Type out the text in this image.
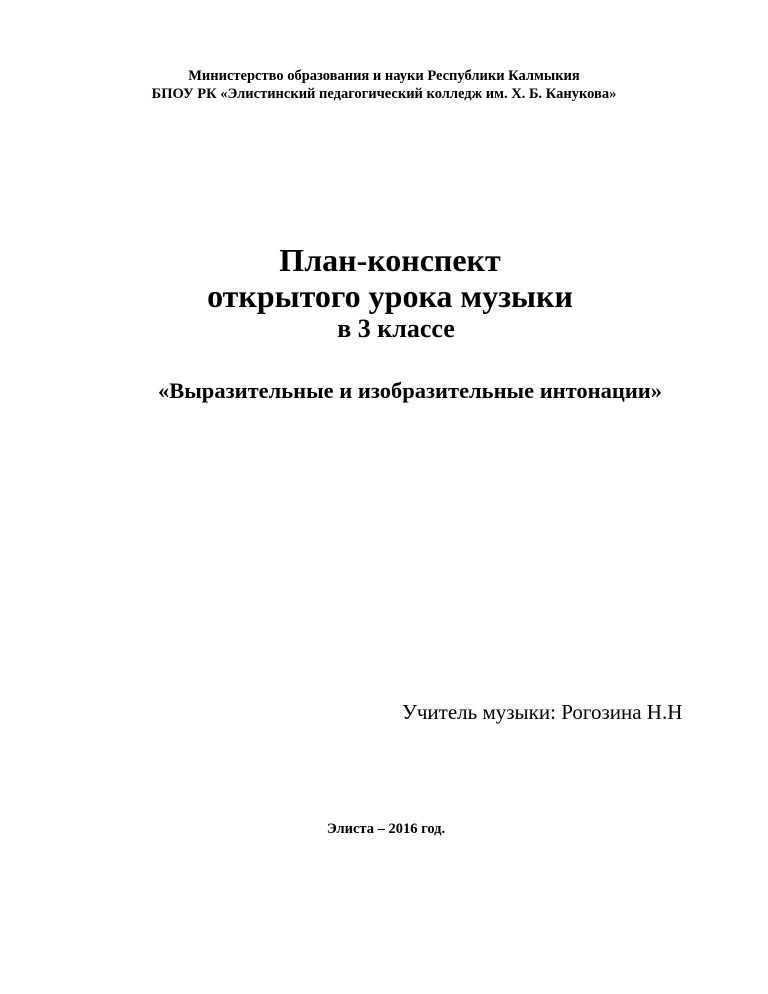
Министерство образования и науки Республики Калмыкия
БПОУ РК «Элистинский педагогический колледж им. Х. Б. Канукова»
План-конспект
открытого урока музыки
в 3 классе
«Выразительные и изобразительные интонации»
Учитель музыки: Рогозина Н.Н
Элиста – 2016 год.
